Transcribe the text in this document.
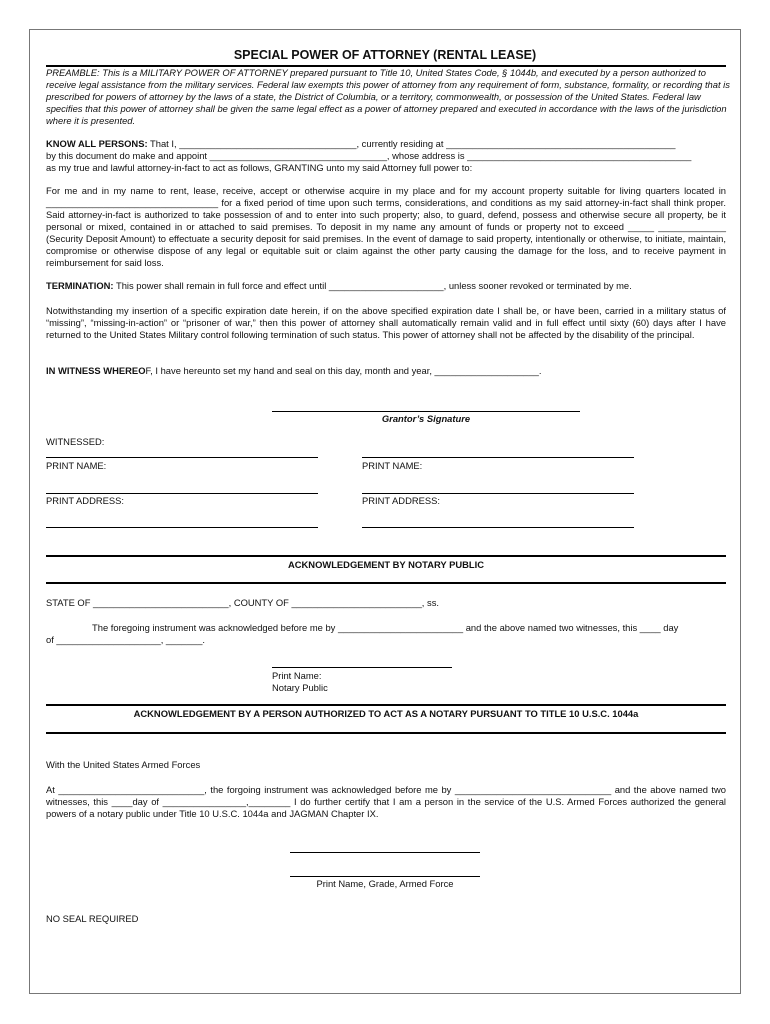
SPECIAL POWER OF ATTORNEY (RENTAL LEASE)
PREAMBLE: This is a MILITARY POWER OF ATTORNEY prepared pursuant to Title 10, United States Code, § 1044b, and executed by a person authorized to receive legal assistance from the military services. Federal law exempts this power of attorney from any requirement of form, substance, formality, or recording that is prescribed for powers of attorney by the laws of a state, the District of Columbia, or a territory, commonwealth, or possession of the United States. Federal law specifies that this power of attorney shall be given the same legal effect as a power of attorney prepared and executed in accordance with the laws of the jurisdiction where it is presented.
KNOW ALL PERSONS: That I, __________________________________, currently residing at ____________________________________________
by this document do make and appoint __________________________________, whose address is ___________________________________________
as my true and lawful attorney-in-fact to act as follows, GRANTING unto my said Attorney full power to:
For me and in my name to rent, lease, receive, accept or otherwise acquire in my place and for my account property suitable for living quarters located in _________________________________ for a fixed period of time upon such terms, considerations, and conditions as my said attorney-in-fact shall think proper. Said attorney-in-fact is authorized to take possession of and to enter into such property; also, to guard, defend, possess and otherwise secure all property, be it personal or mixed, contained in or attached to said premises. To deposit in my name any amount of funds or property not to exceed _____ _____________ (Security Deposit Amount) to effectuate a security deposit for said premises. In the event of damage to said property, intentionally or otherwise, to initiate, maintain, compromise or otherwise dispose of any legal or equitable suit or claim against the other party causing the damage for the loss, and to receive payment in reimbursement for said loss.
TERMINATION: This power shall remain in full force and effect until ______________________, unless sooner revoked or terminated by me.
Notwithstanding my insertion of a specific expiration date herein, if on the above specified expiration date I shall be, or have been, carried in a military status of “missing”, “missing-in-action” or “prisoner of war,” then this power of attorney shall automatically remain valid and in full effect until sixty (60) days after I have returned to the United States Military control following termination of such status. This power of attorney shall not be affected by the disability of the principal.
IN WITNESS WHEREOF, I have hereunto set my hand and seal on this day, month and year, ____________________.
Grantor’s Signature
WITNESSED:
PRINT NAME:	PRINT NAME:
PRINT ADDRESS:	PRINT ADDRESS:
ACKNOWLEDGEMENT BY NOTARY PUBLIC
STATE OF __________________________, COUNTY OF _________________________, ss.
The foregoing instrument was acknowledged before me by ________________________ and the above named two witnesses, this ____ day
of ____________________, _______.
Print Name:
Notary Public
ACKNOWLEDGEMENT BY A PERSON AUTHORIZED TO ACT AS A NOTARY PURSUANT TO TITLE 10 U.S.C. 1044a
With the United States Armed Forces
At ____________________________, the forgoing instrument was acknowledged before me by ______________________________ and the above named two witnesses, this ____day of ________________,________ I do further certify that I am a person in the service of the U.S. Armed Forces authorized the general powers of a notary public under Title 10 U.S.C. 1044a and JAGMAN Chapter IX.
Print Name, Grade, Armed Force
NO SEAL REQUIRED
